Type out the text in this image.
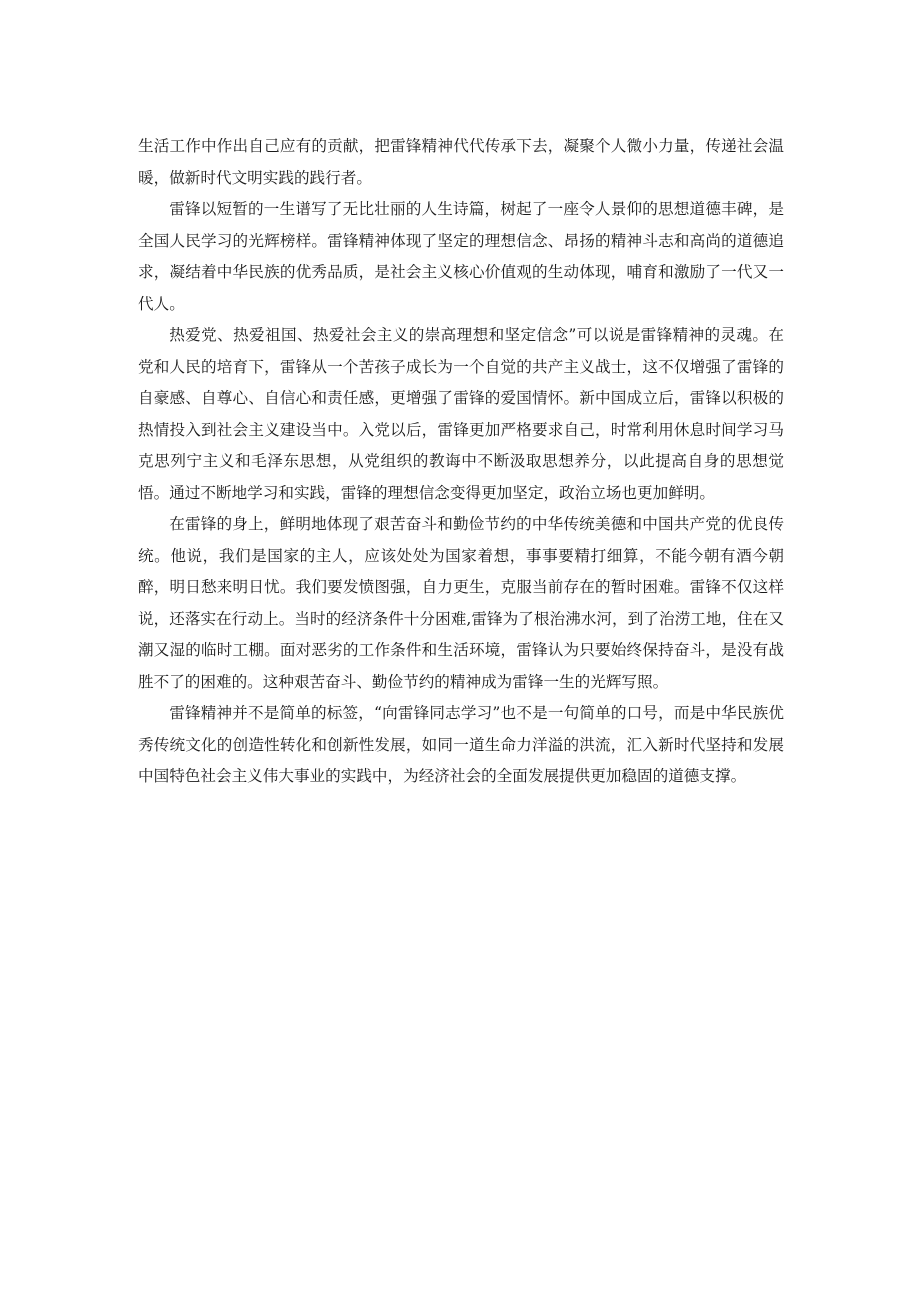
生活工作中作出自己应有的贡献，把雷锋精神代代传承下去，凝聚个人微小力量，传递社会温暖，做新时代文明实践的践行者。

雷锋以短暂的一生谱写了无比壮丽的人生诗篇，树起了一座令人景仰的思想道德丰碑，是全国人民学习的光辉榜样。雷锋精神体现了坚定的理想信念、昂扬的精神斗志和高尚的道德追求，凝结着中华民族的优秀品质，是社会主义核心价值观的生动体现，哺育和激励了一代又一代人。

热爱党、热爱祖国、热爱社会主义的崇高理想和坚定信念”可以说是雷锋精神的灵魂。在党和人民的培育下，雷锋从一个苦孩子成长为一个自觉的共产主义战士，这不仅增强了雷锋的自豪感、自尊心、自信心和责任感，更增强了雷锋的爱国情怀。新中国成立后，雷锋以积极的热情投入到社会主义建设当中。入党以后，雷锋更加严格要求自己，时常利用休息时间学习马克思列宁主义和毛泽东思想，从党组织的教诲中不断汲取思想养分，以此提高自身的思想觉悟。通过不断地学习和实践，雷锋的理想信念变得更加坚定，政治立场也更加鲜明。

在雷锋的身上，鲜明地体现了艰苦奋斗和勤俭节约的中华传统美德和中国共产党的优良传统。他说，我们是国家的主人，应该处处为国家着想，事事要精打细算，不能今朝有酒今朝醉，明日愁来明日忧。我们要发愤图强，自力更生，克服当前存在的暂时困难。雷锋不仅这样说，还落实在行动上。当时的经济条件十分困难,雷锋为了根治沸水河，到了治涝工地，住在又潮又湿的临时工棚。面对恶劣的工作条件和生活环境，雷锋认为只要始终保持奋斗，是没有战胜不了的困难的。这种艰苦奋斗、勤俭节约的精神成为雷锋一生的光辉写照。

雷锋精神并不是简单的标签，“向雷锋同志学习”也不是一句简单的口号，而是中华民族优秀传统文化的创造性转化和创新性发展，如同一道生命力洋溢的洪流，汇入新时代坚持和发展中国特色社会主义伟大事业的实践中，为经济社会的全面发展提供更加稳固的道德支撑。
